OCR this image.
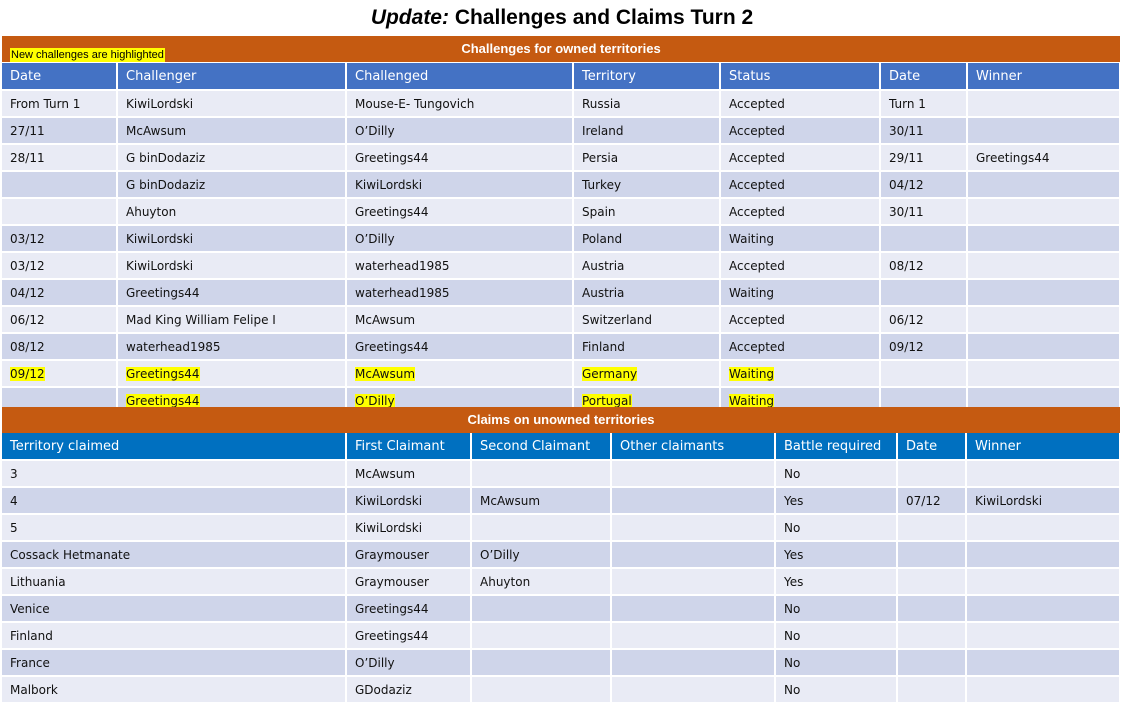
Update: Challenges and Claims Turn 2
Challenges for owned territories
New challenges are highlighted
Date	Challenger	Challenged	Territory	Status	Date	Winner
From Turn 1	KiwiLordski	Mouse-E- Tungovich	Russia	Accepted	Turn 1	
27/11	McAwsum	O’Dilly	Ireland	Accepted	30/11	
28/11	G binDodaziz	Greetings44	Persia	Accepted	29/11	Greetings44
	G binDodaziz	KiwiLordski	Turkey	Accepted	04/12	
	Ahuyton	Greetings44	Spain	Accepted	30/11	
03/12	KiwiLordski	O’Dilly	Poland	Waiting		
03/12	KiwiLordski	waterhead1985	Austria	Accepted	08/12	
04/12	Greetings44	waterhead1985	Austria	Waiting		
06/12	Mad King William Felipe I	McAwsum	Switzerland	Accepted	06/12	
08/12	waterhead1985	Greetings44	Finland	Accepted	09/12	
09/12	Greetings44	McAwsum	Germany	Waiting		
	Greetings44	O’Dilly	Portugal	Waiting		
Claims on unowned territories
Territory claimed	First Claimant	Second Claimant	Other claimants	Battle required	Date	Winner
3	McAwsum			No		
4	KiwiLordski	McAwsum		Yes	07/12	KiwiLordski
5	KiwiLordski			No		
Cossack Hetmanate	Graymouser	O’Dilly		Yes		
Lithuania	Graymouser	Ahuyton		Yes		
Venice	Greetings44			No		
Finland	Greetings44			No		
France	O’Dilly			No		
Malbork	GDodaziz			No		
